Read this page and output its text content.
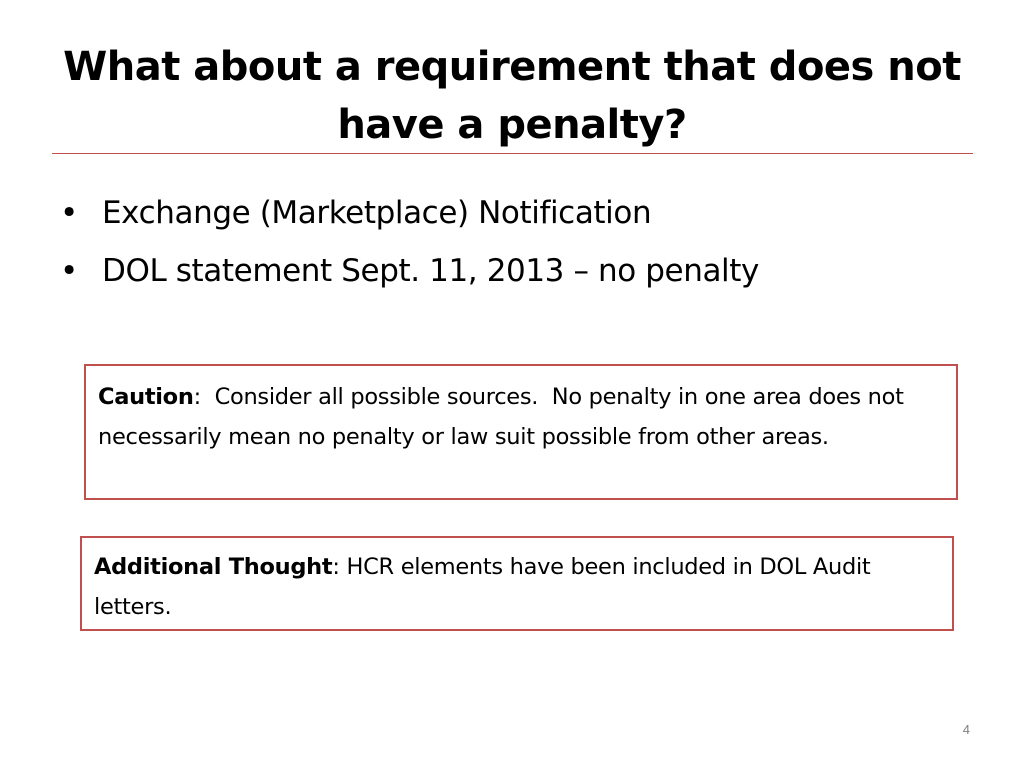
What about a requirement that does not have a penalty?
• Exchange (Marketplace) Notification
• DOL statement Sept. 11, 2013 – no penalty
Caution:  Consider all possible sources.  No penalty in one area does not necessarily mean no penalty or law suit possible from other areas.
Additional Thought: HCR elements have been included in DOL Audit letters.
4
